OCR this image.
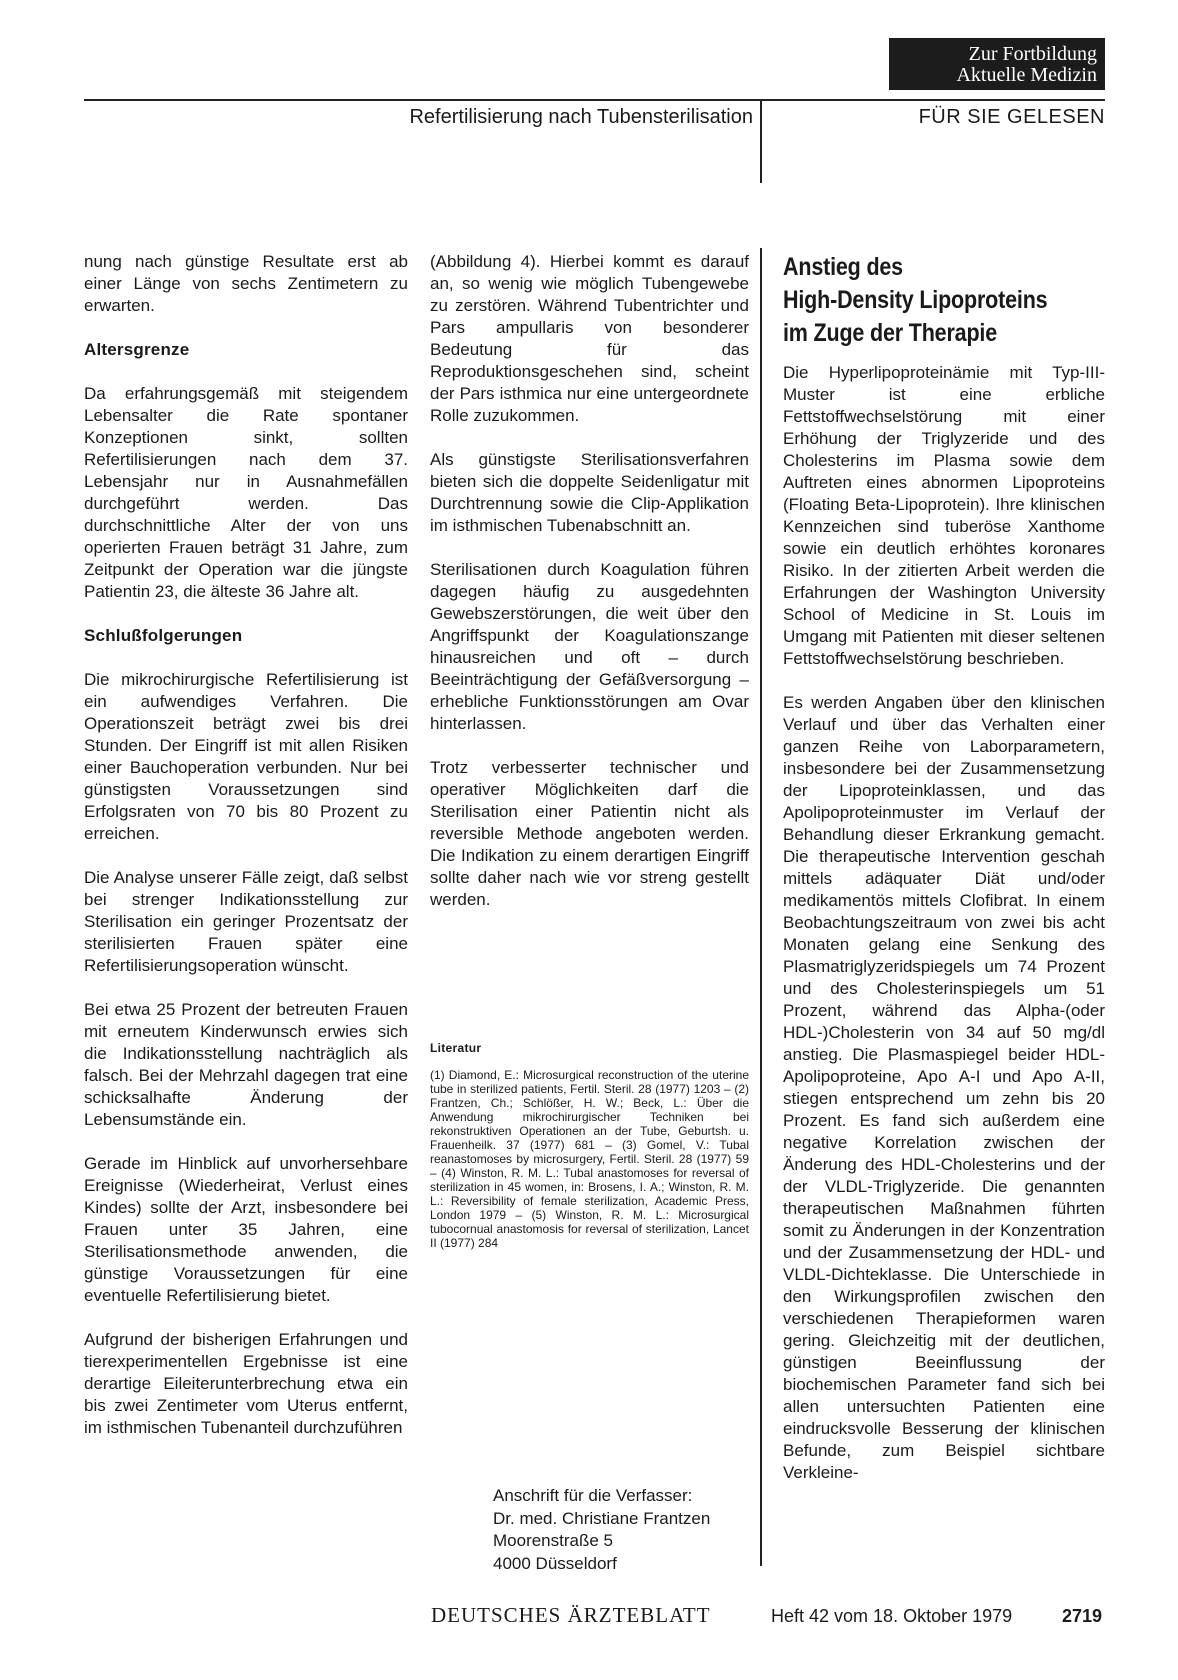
Zur Fortbildung
Aktuelle Medizin
Refertilisierung nach Tubensterilisation	FÜR SIE GELESEN

nung nach günstige Resultate erst ab einer Länge von sechs Zentimetern zu erwarten.

Altersgrenze

Da erfahrungsgemäß mit steigendem Lebensalter die Rate spontaner Konzeptionen sinkt, sollten Refertilisierungen nach dem 37. Lebensjahr nur in Ausnahmefällen durchgeführt werden. Das durchschnittliche Alter der von uns operierten Frauen beträgt 31 Jahre, zum Zeitpunkt der Operation war die jüngste Patientin 23, die älteste 36 Jahre alt.

Schlußfolgerungen

Die mikrochirurgische Refertilisierung ist ein aufwendiges Verfahren. Die Operationszeit beträgt zwei bis drei Stunden. Der Eingriff ist mit allen Risiken einer Bauchoperation verbunden. Nur bei günstigsten Voraussetzungen sind Erfolgsraten von 70 bis 80 Prozent zu erreichen.

Die Analyse unserer Fälle zeigt, daß selbst bei strenger Indikationsstellung zur Sterilisation ein geringer Prozentsatz der sterilisierten Frauen später eine Refertilisierungsoperation wünscht.

Bei etwa 25 Prozent der betreuten Frauen mit erneutem Kinderwunsch erwies sich die Indikationsstellung nachträglich als falsch. Bei der Mehrzahl dagegen trat eine schicksalhafte Änderung der Lebensumstände ein.

Gerade im Hinblick auf unvorhersehbare Ereignisse (Wiederheirat, Verlust eines Kindes) sollte der Arzt, insbesondere bei Frauen unter 35 Jahren, eine Sterilisationsmethode anwenden, die günstige Voraussetzungen für eine eventuelle Refertilisierung bietet.

Aufgrund der bisherigen Erfahrungen und tierexperimentellen Ergebnisse ist eine derartige Eileiterunterbrechung etwa ein bis zwei Zentimeter vom Uterus entfernt, im isthmischen Tubenanteil durchzuführen

(Abbildung 4). Hierbei kommt es darauf an, so wenig wie möglich Tubengewebe zu zerstören. Während Tubentrichter und Pars ampullaris von besonderer Bedeutung für das Reproduktionsgeschehen sind, scheint der Pars isthmica nur eine untergeordnete Rolle zuzukommen.

Als günstigste Sterilisationsverfahren bieten sich die doppelte Seidenligatur mit Durchtrennung sowie die Clip-Applikation im isthmischen Tubenabschnitt an.

Sterilisationen durch Koagulation führen dagegen häufig zu ausgedehnten Gewebszerstörungen, die weit über den Angriffspunkt der Koagulationszange hinausreichen und oft – durch Beeinträchtigung der Gefäßversorgung – erhebliche Funktionsstörungen am Ovar hinterlassen.

Trotz verbesserter technischer und operativer Möglichkeiten darf die Sterilisation einer Patientin nicht als reversible Methode angeboten werden. Die Indikation zu einem derartigen Eingriff sollte daher nach wie vor streng gestellt werden.

Literatur
(1) Diamond, E.: Microsurgical reconstruction of the uterine tube in sterilized patients, Fertil. Steril. 28 (1977) 1203 – (2) Frantzen, Ch.; Schlößer, H. W.; Beck, L.: Über die Anwendung mikrochirurgischer Techniken bei rekonstruktiven Operationen an der Tube, Geburtsh. u. Frauenheilk. 37 (1977) 681 – (3) Gomel, V.: Tubal reanastomoses by microsurgery, Fertil. Steril. 28 (1977) 59 – (4) Winston, R. M. L.: Tubal anastomoses for reversal of sterilization in 45 women, in: Brosens, I. A.; Winston, R. M. L.: Reversibility of female sterilization, Academic Press, London 1979 – (5) Winston, R. M. L.: Microsurgical tubocornual anastomosis for reversal of sterilization, Lancet II (1977) 284
Anschrift für die Verfasser:
Dr. med. Christiane Frantzen
Moorenstraße 5
4000 Düsseldorf
Anstieg des
High-Density Lipoproteins
im Zuge der Therapie

Die Hyperlipoproteinämie mit Typ-III-Muster ist eine erbliche Fettstoffwechselstörung mit einer Erhöhung der Triglyzeride und des Cholesterins im Plasma sowie dem Auftreten eines abnormen Lipoproteins (Floating Beta-Lipoprotein). Ihre klinischen Kennzeichen sind tuberöse Xanthome sowie ein deutlich erhöhtes koronares Risiko. In der zitierten Arbeit werden die Erfahrungen der Washington University School of Medicine in St. Louis im Umgang mit Patienten mit dieser seltenen Fettstoffwechselstörung beschrieben.

Es werden Angaben über den klinischen Verlauf und über das Verhalten einer ganzen Reihe von Laborparametern, insbesondere bei der Zusammensetzung der Lipoproteinklassen, und das Apolipoproteinmuster im Verlauf der Behandlung dieser Erkrankung gemacht. Die therapeutische Intervention geschah mittels adäquater Diät und/oder medikamentös mittels Clofibrat. In einem Beobachtungszeitraum von zwei bis acht Monaten gelang eine Senkung des Plasmatriglyzeridspiegels um 74 Prozent und des Cholesterinspiegels um 51 Prozent, während das Alpha-(oder HDL-)Cholesterin von 34 auf 50 mg/dl anstieg. Die Plasmaspiegel beider HDL-Apolipoproteine, Apo A-I und Apo A-II, stiegen entsprechend um zehn bis 20 Prozent. Es fand sich außerdem eine negative Korrelation zwischen der Änderung des HDL-Cholesterins und der der VLDL-Triglyzeride. Die genannten therapeutischen Maßnahmen führten somit zu Änderungen in der Konzentration und der Zusammensetzung der HDL- und VLDL-Dichteklasse. Die Unterschiede in den Wirkungsprofilen zwischen den verschiedenen Therapieformen waren gering. Gleichzeitig mit der deutlichen, günstigen Beeinflussung der biochemischen Parameter fand sich bei allen untersuchten Patienten eine eindrucksvolle Besserung der klinischen Befunde, zum Beispiel sichtbare Verkleine-

DEUTSCHES ÄRZTEBLATT	Heft 42 vom 18. Oktober 1979	2719
